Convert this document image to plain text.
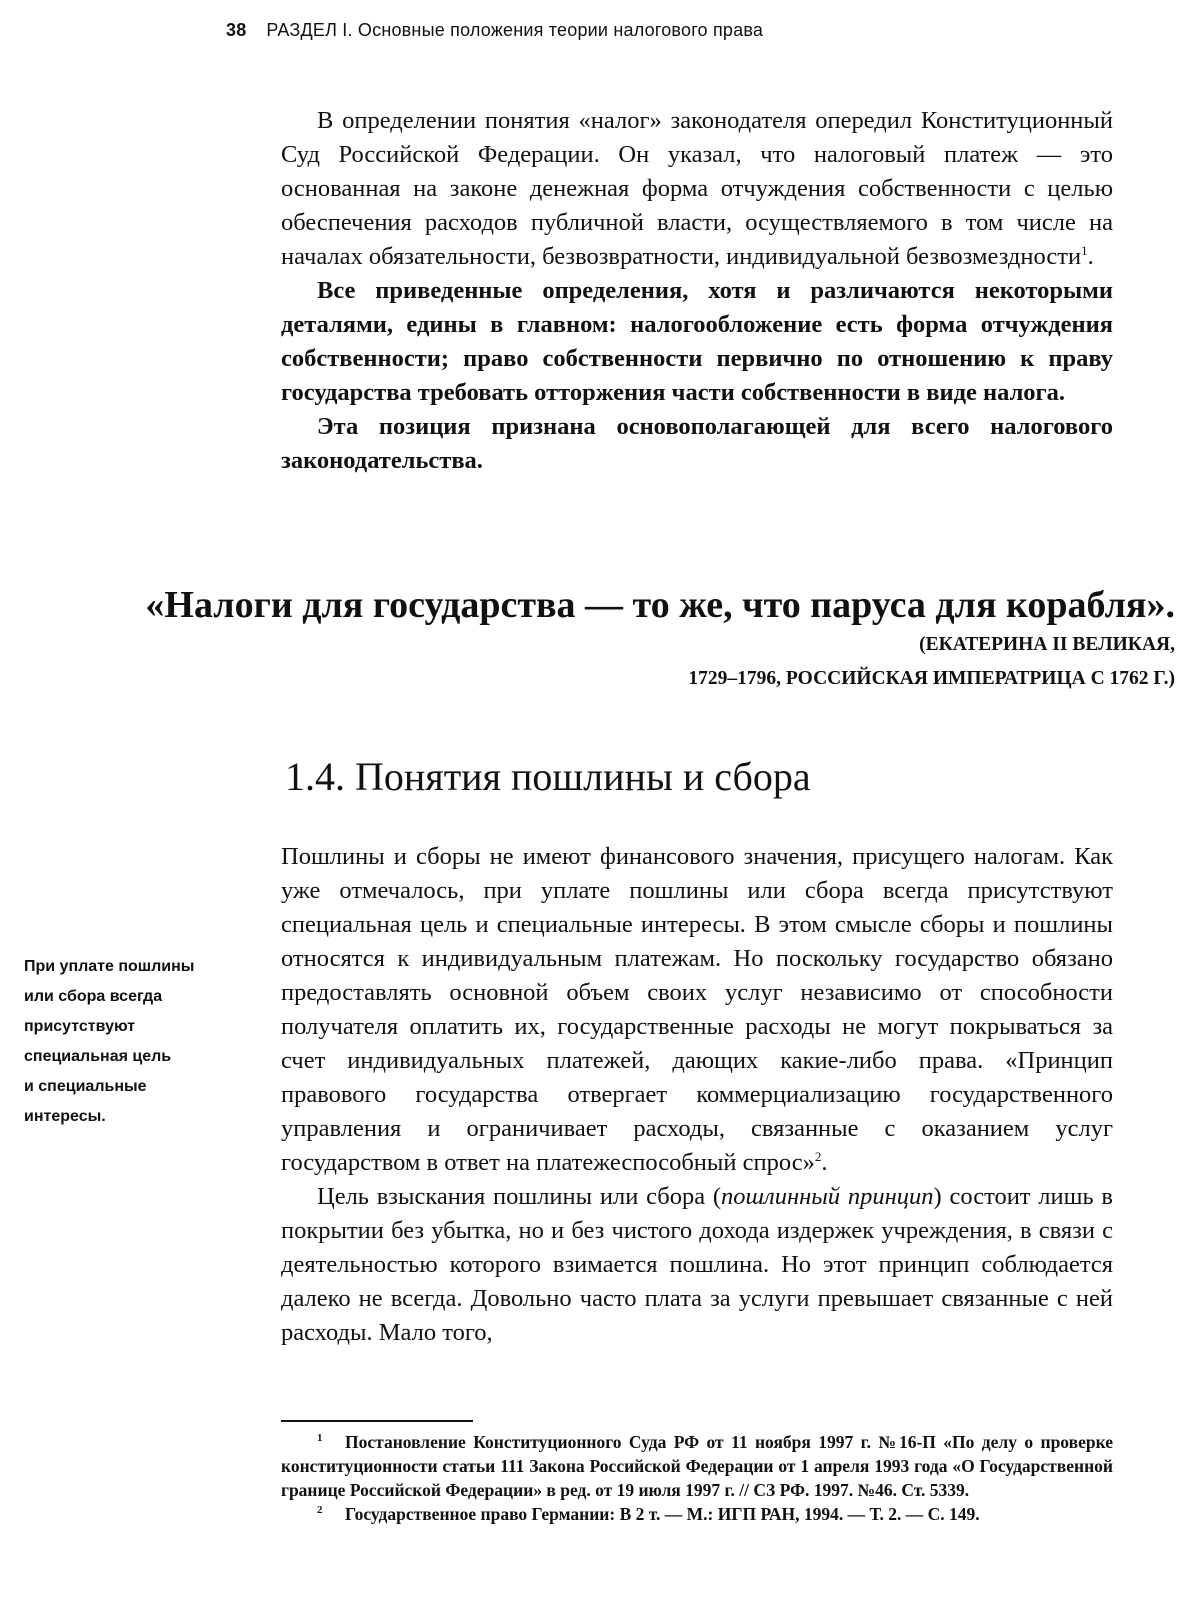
38 РАЗДЕЛ I. Основные положения теории налогового права

В определении понятия «налог» законодателя опередил Конституционный Суд Российской Федерации. Он указал, что налоговый платеж — это основанная на законе денежная форма отчуждения собственности с целью обеспечения расходов публичной власти, осуществляемого в том числе на началах обязательности, безвозвратности, индивидуальной безвозмездности$^1$.

Все приведенные определения, хотя и различаются некоторыми деталями, едины в главном: налогообложение есть форма отчуждения собственности; право собственности первично по отношению к праву государства требовать отторжения части собственности в виде налога.

Эта позиция признана основополагающей для всего налогового законодательства.

«Налоги для государства — то же, что паруса для корабля».

(ЕКАТЕРИНА II ВЕЛИКАЯ,

1729–1796, РОССИЙСКАЯ ИМПЕРАТРИЦА С 1762 Г.)

1.4. Понятия пошлины и сбора

Пошлины и сборы не имеют финансового значения, присущего налогам. Как уже отмечалось, при уплате пошлины или сбора всегда присутствуют специальная цель и специальные интересы. В этом смысле сборы и пошлины относятся к индивидуальным платежам. Но поскольку государство обязано предоставлять основной объем своих услуг независимо от способности получателя оплатить их, государственные расходы не могут покрываться за счет индивидуальных платежей, дающих какие-либо права. «Принцип правового государства отвергает коммерциализацию государственного управления и ограничивает расходы, связанные с оказанием услуг государством в ответ на платежеспособный спрос»$^2$.

Цель взыскания пошлины или сбора (пошлинный принцип) состоит лишь в покрытии без убытка, но и без чистого дохода издержек учреждения, в связи с деятельностью которого взимается пошлина. Но этот принцип соблюдается далеко не всегда. Довольно часто плата за услуги превышает связанные с ней расходы. Мало того,

При уплате пошлины
или сбора всегда
присутствуют
специальная цель
и специальные
интересы.

1 Постановление Конституционного Суда РФ от 11 ноября 1997 г. №16-П «По делу о проверке конституционности статьи 111 Закона Российской Федерации от 1 апреля 1993 года «О Государственной границе Российской Федерации» в ред. от 19 июля 1997 г. // СЗ РФ. 1997. №46. Ст. 5339.

2 Государственное право Германии: В 2 т. — М.: ИГП РАН, 1994. — Т. 2. — С. 149.
